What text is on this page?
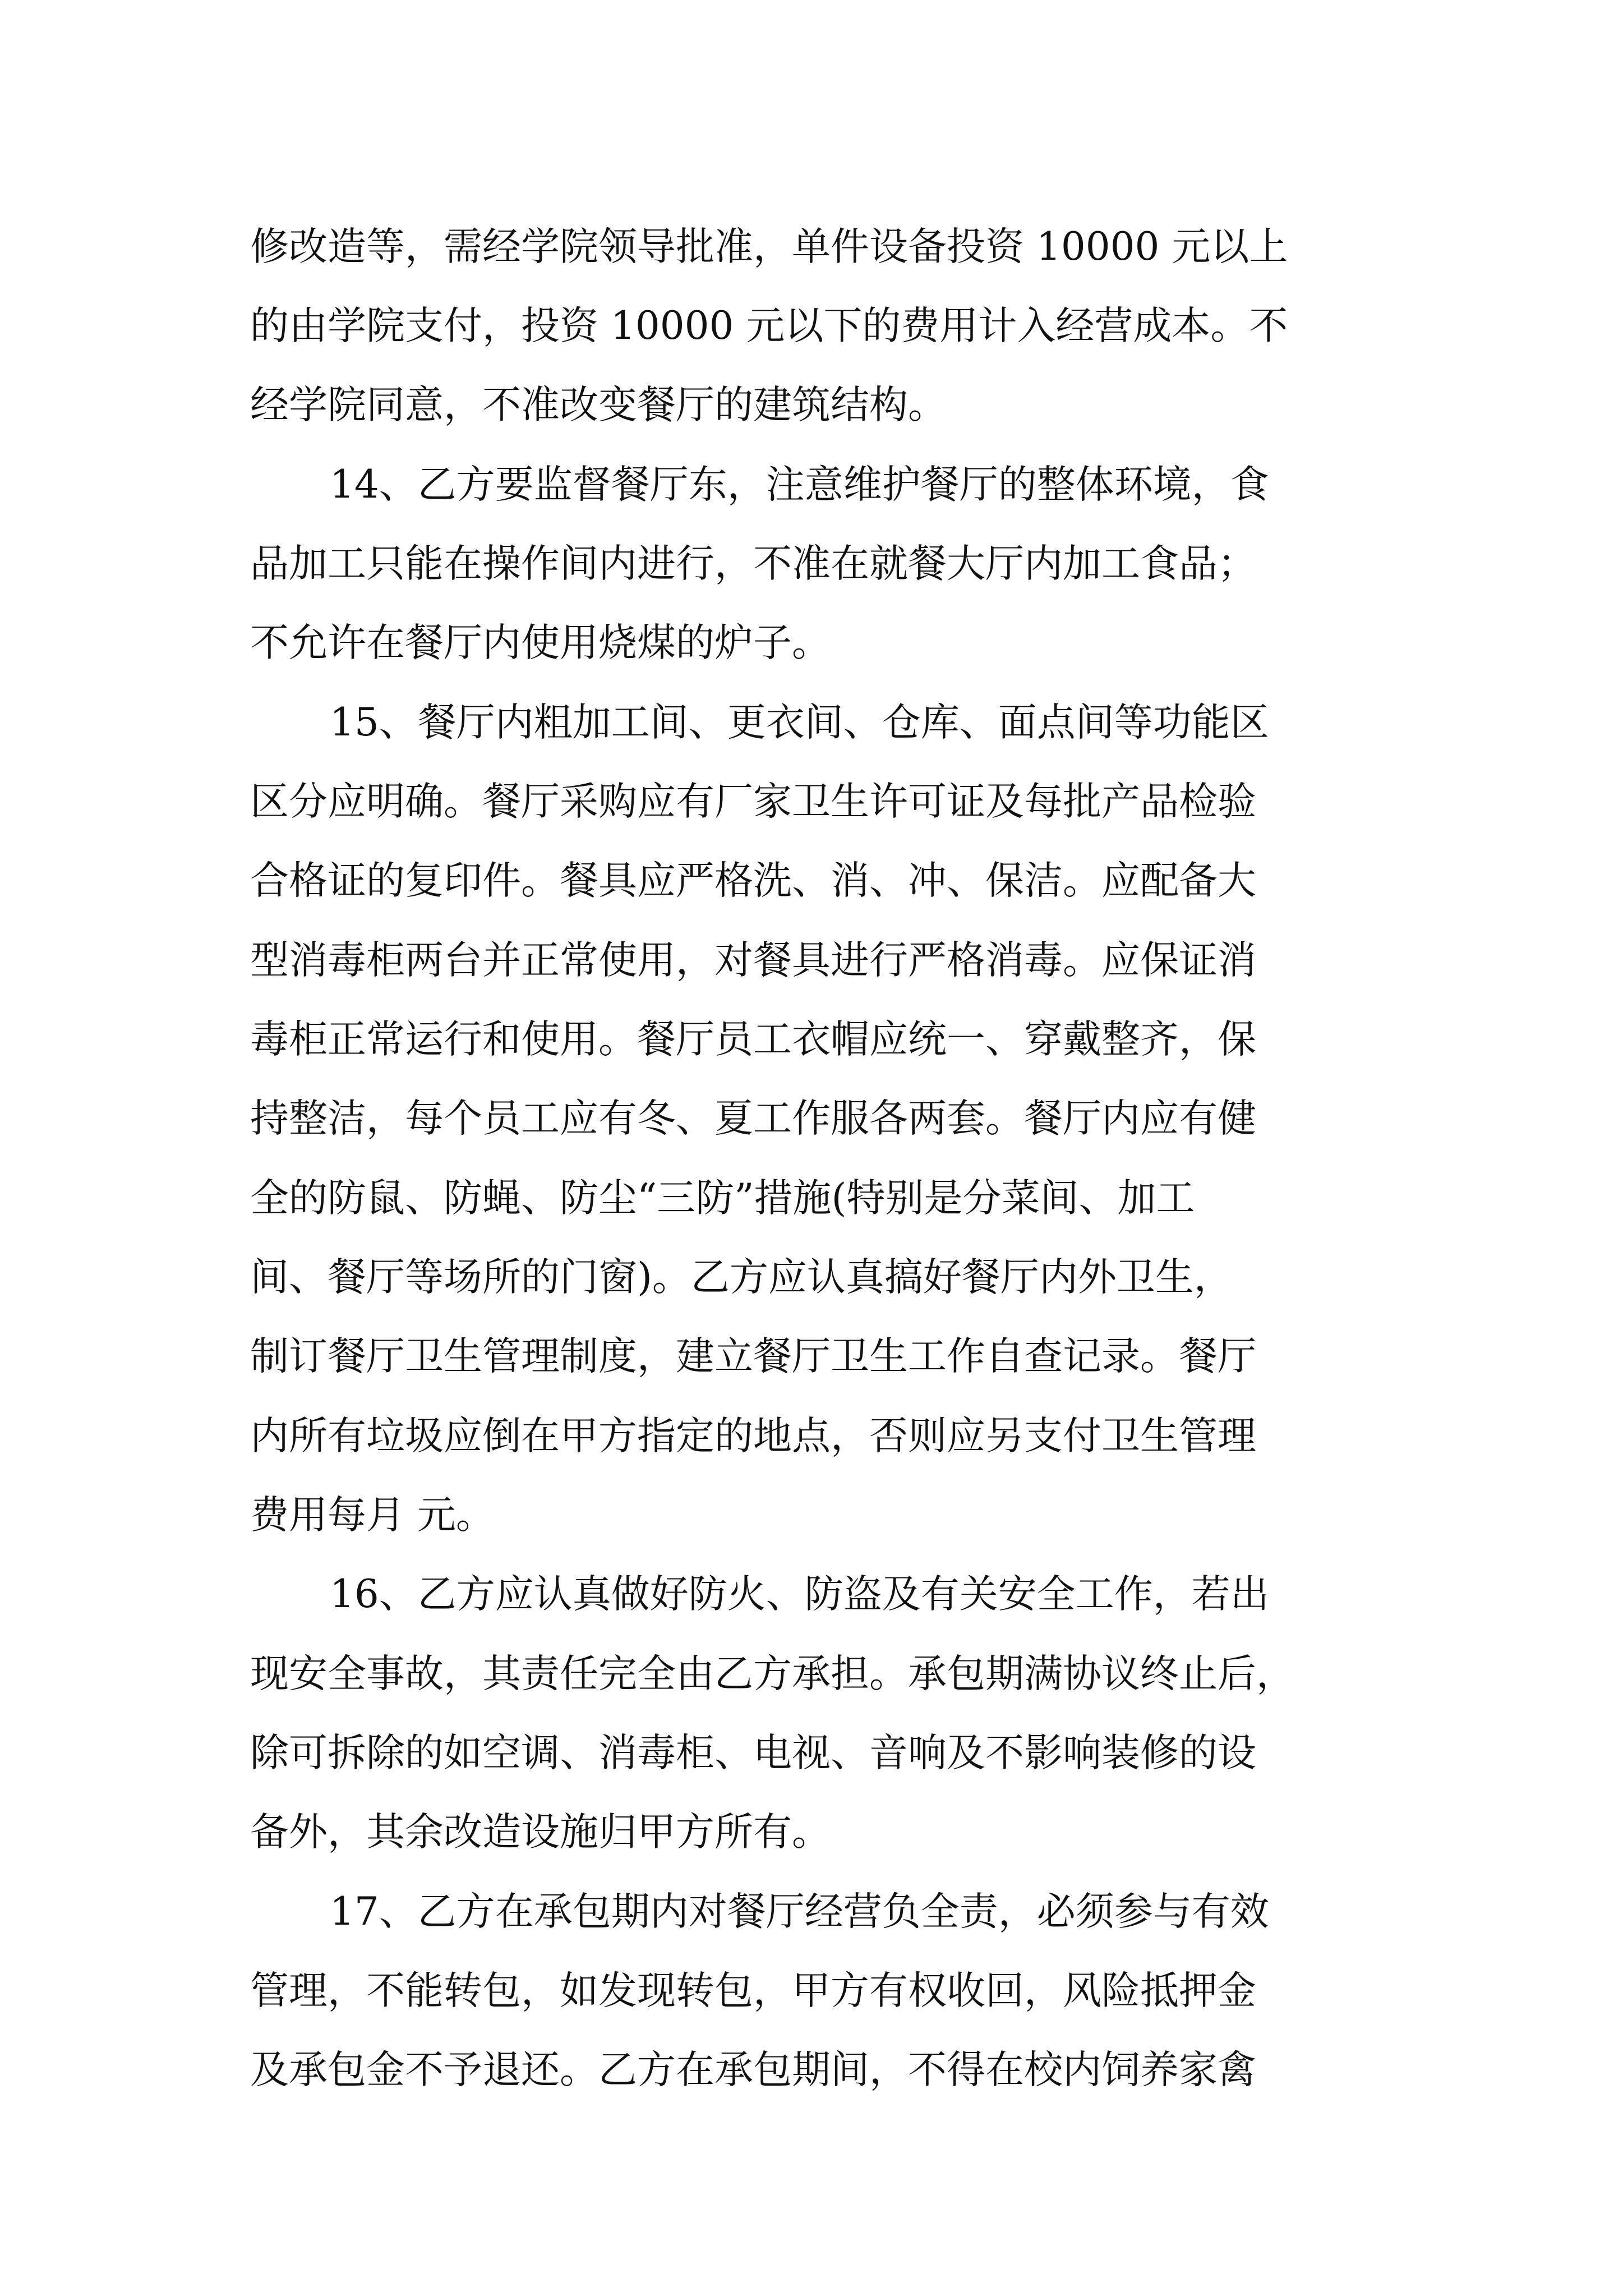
修改造等，需经学院领导批准，单件设备投资 10000 元以上
的由学院支付，投资 10000 元以下的费用计入经营成本。不
经学院同意，不准改变餐厅的建筑结构。
14、乙方要监督餐厅东，注意维护餐厅的整体环境，食
品加工只能在操作间内进行，不准在就餐大厅内加工食品；
不允许在餐厅内使用烧煤的炉子。
15、餐厅内粗加工间、更衣间、仓库、面点间等功能区
区分应明确。餐厅采购应有厂家卫生许可证及每批产品检验
合格证的复印件。餐具应严格洗、消、冲、保洁。应配备大
型消毒柜两台并正常使用，对餐具进行严格消毒。应保证消
毒柜正常运行和使用。餐厅员工衣帽应统一、穿戴整齐，保
持整洁，每个员工应有冬、夏工作服各两套。餐厅内应有健
全的防鼠、防蝇、防尘“三防”措施(特别是分菜间、加工
间、餐厅等场所的门窗)。乙方应认真搞好餐厅内外卫生，
制订餐厅卫生管理制度，建立餐厅卫生工作自查记录。餐厅
内所有垃圾应倒在甲方指定的地点，否则应另支付卫生管理
费用每月 元。
16、乙方应认真做好防火、防盗及有关安全工作，若出
现安全事故，其责任完全由乙方承担。承包期满协议终止后，
除可拆除的如空调、消毒柜、电视、音响及不影响装修的设
备外，其余改造设施归甲方所有。
17、乙方在承包期内对餐厅经营负全责，必须参与有效
管理，不能转包，如发现转包，甲方有权收回，风险抵押金
及承包金不予退还。乙方在承包期间，不得在校内饲养家禽
